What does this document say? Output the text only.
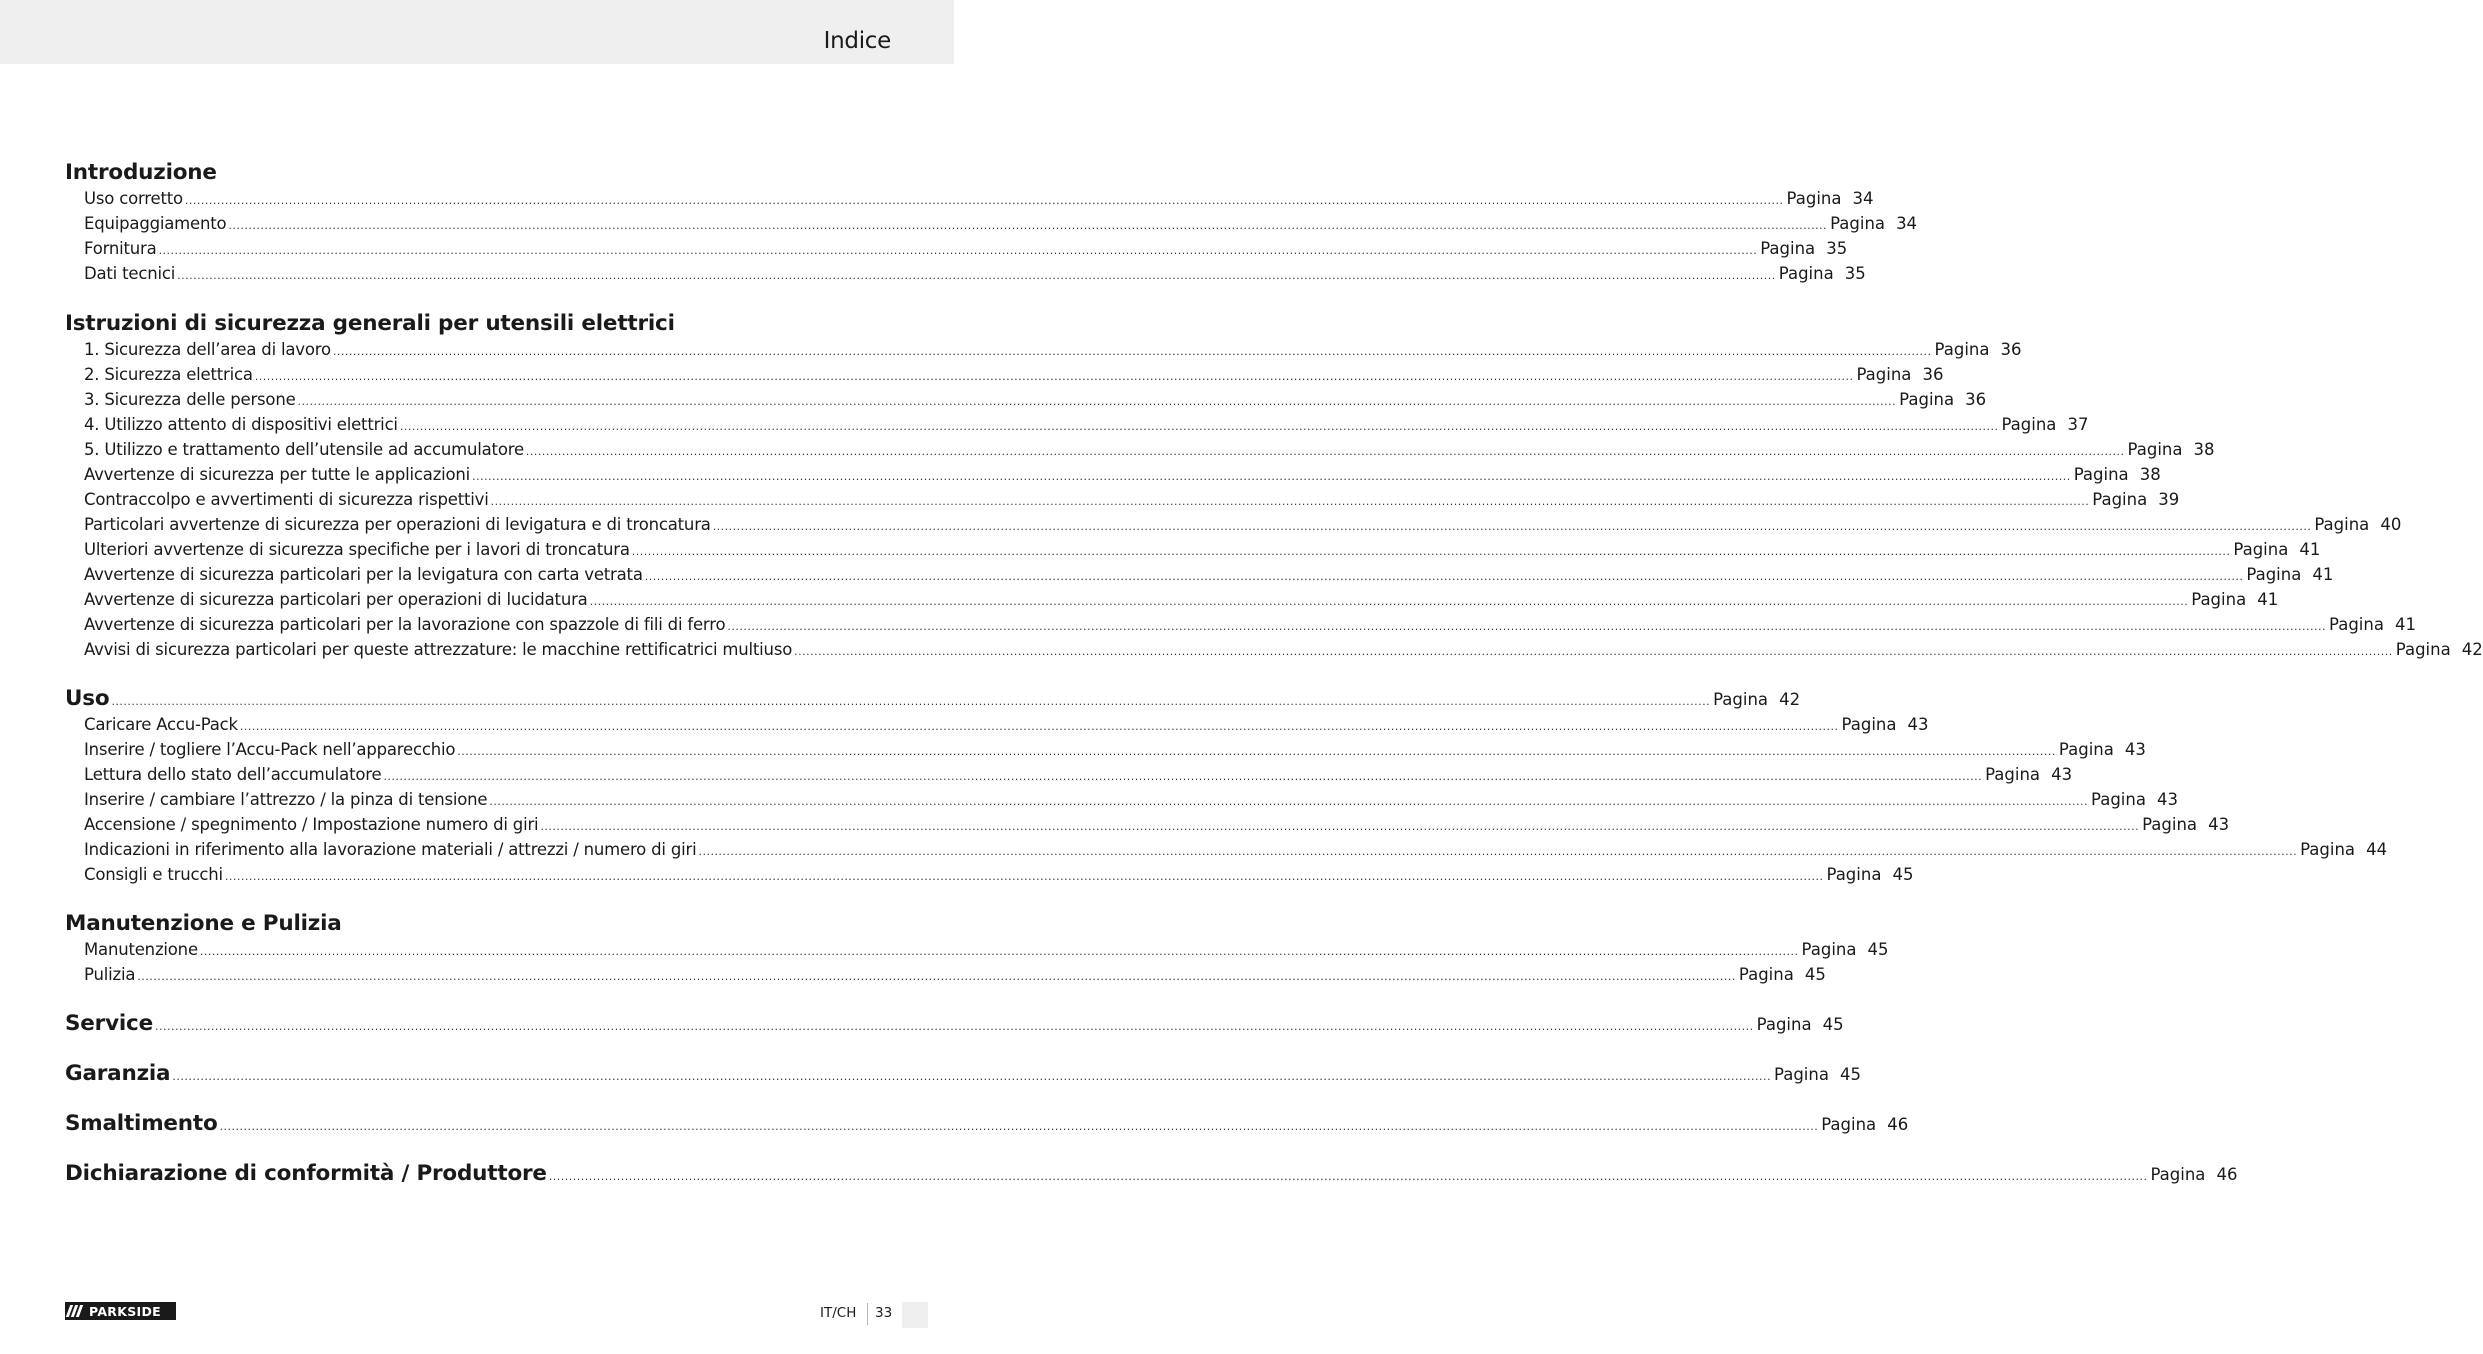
Indice
Introduzione
Uso corretto ................................................................................................................................................................................................................................................................................................................................................................................................................ Pagina 34
Equipaggiamento ................................................................................................................................................................................................................................................................................................................................................................................................................ Pagina 34
Fornitura ................................................................................................................................................................................................................................................................................................................................................................................................................ Pagina 35
Dati tecnici ................................................................................................................................................................................................................................................................................................................................................................................................................ Pagina 35
Istruzioni di sicurezza generali per utensili elettrici
1. Sicurezza dell’area di lavoro ................................................................................................................................................................................................................................................................................................................................................................................................................ Pagina 36
2. Sicurezza elettrica ................................................................................................................................................................................................................................................................................................................................................................................................................ Pagina 36
3. Sicurezza delle persone ................................................................................................................................................................................................................................................................................................................................................................................................................ Pagina 36
4. Utilizzo attento di dispositivi elettrici ................................................................................................................................................................................................................................................................................................................................................................................................................ Pagina 37
5. Utilizzo e trattamento dell’utensile ad accumulatore ................................................................................................................................................................................................................................................................................................................................................................................................................ Pagina 38
Avvertenze di sicurezza per tutte le applicazioni ................................................................................................................................................................................................................................................................................................................................................................................................................ Pagina 38
Contraccolpo e avvertimenti di sicurezza rispettivi ................................................................................................................................................................................................................................................................................................................................................................................................................ Pagina 39
Particolari avvertenze di sicurezza per operazioni di levigatura e di troncatura ................................................................................................................................................................................................................................................................................................................................................................................................................ Pagina 40
Ulteriori avvertenze di sicurezza specifiche per i lavori di troncatura ................................................................................................................................................................................................................................................................................................................................................................................................................ Pagina 41
Avvertenze di sicurezza particolari per la levigatura con carta vetrata ................................................................................................................................................................................................................................................................................................................................................................................................................ Pagina 41
Avvertenze di sicurezza particolari per operazioni di lucidatura ................................................................................................................................................................................................................................................................................................................................................................................................................ Pagina 41
Avvertenze di sicurezza particolari per la lavorazione con spazzole di fili di ferro ................................................................................................................................................................................................................................................................................................................................................................................................................ Pagina 41
Avvisi di sicurezza particolari per queste attrezzature: le macchine rettificatrici multiuso ................................................................................................................................................................................................................................................................................................................................................................................................................ Pagina 42
Uso ................................................................................................................................................................................................................................................................................................................................................................................................................ Pagina 42
Caricare Accu-Pack ................................................................................................................................................................................................................................................................................................................................................................................................................ Pagina 43
Inserire / togliere l’Accu-Pack nell’apparecchio ................................................................................................................................................................................................................................................................................................................................................................................................................ Pagina 43
Lettura dello stato dell’accumulatore ................................................................................................................................................................................................................................................................................................................................................................................................................ Pagina 43
Inserire / cambiare l’attrezzo / la pinza di tensione ................................................................................................................................................................................................................................................................................................................................................................................................................ Pagina 43
Accensione / spegnimento / Impostazione numero di giri ................................................................................................................................................................................................................................................................................................................................................................................................................ Pagina 43
Indicazioni in riferimento alla lavorazione materiali / attrezzi / numero di giri ................................................................................................................................................................................................................................................................................................................................................................................................................ Pagina 44
Consigli e trucchi ................................................................................................................................................................................................................................................................................................................................................................................................................ Pagina 45
Manutenzione e Pulizia
Manutenzione ................................................................................................................................................................................................................................................................................................................................................................................................................ Pagina 45
Pulizia ................................................................................................................................................................................................................................................................................................................................................................................................................ Pagina 45
Service ................................................................................................................................................................................................................................................................................................................................................................................................................ Pagina 45
Garanzia ................................................................................................................................................................................................................................................................................................................................................................................................................ Pagina 45
Smaltimento ................................................................................................................................................................................................................................................................................................................................................................................................................ Pagina 46
Dichiarazione di conformità / Produttore ................................................................................................................................................................................................................................................................................................................................................................................................................ Pagina 46
PARKSIDE	IT/CH 33
